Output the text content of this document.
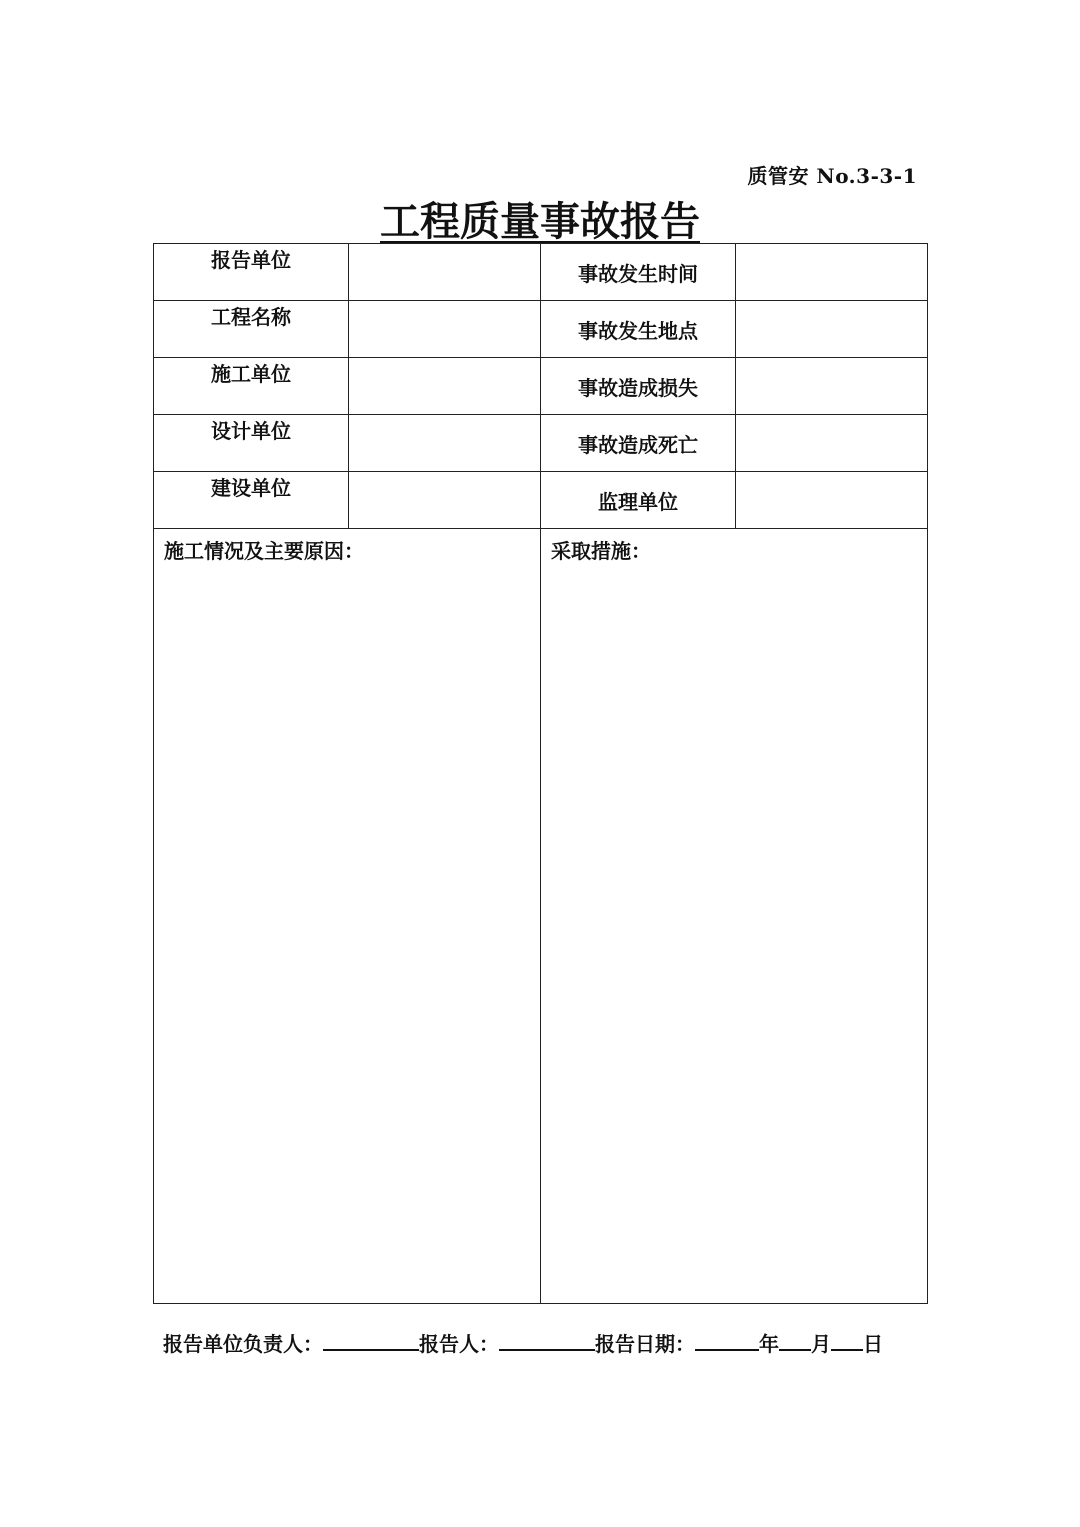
质管安 No.3-3-1
工程质量事故报告
报告单位		事故发生时间	
工程名称		事故发生地点	
施工单位		事故造成损失	
设计单位		事故造成死亡	
建设单位		监理单位	
施工情况及主要原因：		采取措施：	
报告单位负责人：	报告人：	报告日期：	年 月 日
